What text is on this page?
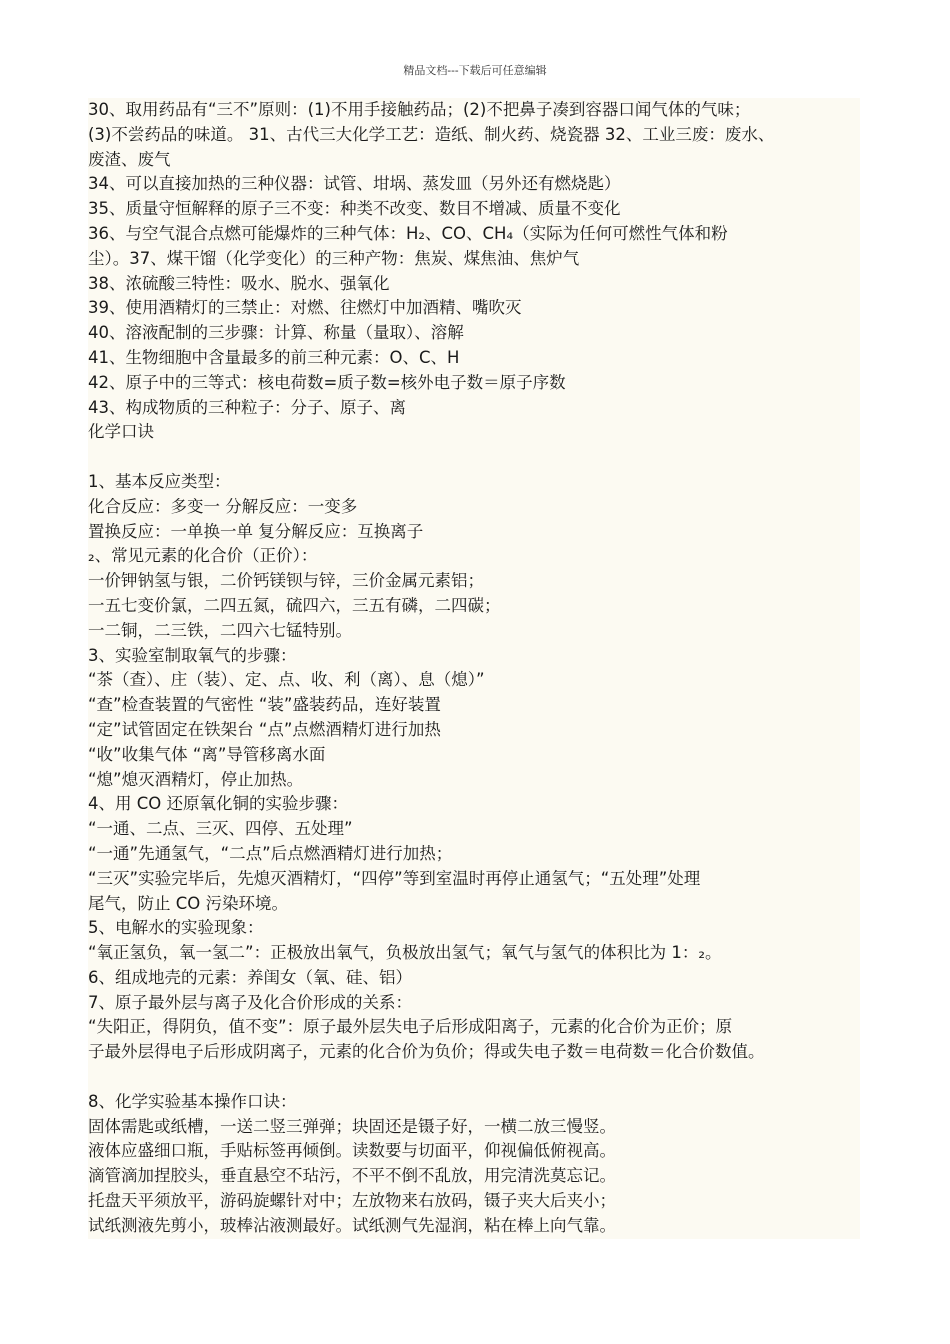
精品文档---下载后可任意编辑
30、取用药品有“三不”原则：(1)不用手接触药品；(2)不把鼻子凑到容器口闻气体的气味；
(3)不尝药品的味道。 31、古代三大化学工艺：造纸、制火药、烧瓷器 32、工业三废：废水、
废渣、废气
34、可以直接加热的三种仪器：试管、坩埚、蒸发皿（另外还有燃烧匙）
35、质量守恒解释的原子三不变：种类不改变、数目不增减、质量不变化
36、与空气混合点燃可能爆炸的三种气体：H₂、CO、CH₄（实际为任何可燃性气体和粉
尘）。37、煤干馏（化学变化）的三种产物：焦炭、煤焦油、焦炉气
38、浓硫酸三特性：吸水、脱水、强氧化
39、使用酒精灯的三禁止：对燃、往燃灯中加酒精、嘴吹灭
40、溶液配制的三步骤：计算、称量（量取）、溶解
41、生物细胞中含量最多的前三种元素：O、C、H
42、原子中的三等式：核电荷数=质子数=核外电子数＝原子序数
43、构成物质的三种粒子：分子、原子、离
化学口诀
1、基本反应类型：
化合反应：多变一 分解反应：一变多
置换反应：一单换一单 复分解反应：互换离子
₂、常见元素的化合价（正价）：
一价钾钠氢与银，二价钙镁钡与锌，三价金属元素铝；
一五七变价氯，二四五氮，硫四六，三五有磷，二四碳；
一二铜，二三铁，二四六七锰特别。
3、实验室制取氧气的步骤：
“茶（查）、庄（装）、定、点、收、利（离）、息（熄）”
“查”检查装置的气密性 “装”盛装药品，连好装置
“定”试管固定在铁架台 “点”点燃酒精灯进行加热
“收”收集气体 “离”导管移离水面
“熄”熄灭酒精灯，停止加热。
4、用 CO 还原氧化铜的实验步骤：
“一通、二点、三灭、四停、五处理”
“一通”先通氢气，“二点”后点燃酒精灯进行加热；
“三灭”实验完毕后，先熄灭酒精灯，“四停”等到室温时再停止通氢气；“五处理”处理
尾气，防止 CO 污染环境。
5、电解水的实验现象：
“氧正氢负，氧一氢二”：正极放出氧气，负极放出氢气；氧气与氢气的体积比为 1：₂。
6、组成地壳的元素：养闺女（氧、硅、铝）
7、原子最外层与离子及化合价形成的关系：
“失阳正，得阴负，值不变”：原子最外层失电子后形成阳离子，元素的化合价为正价；原
子最外层得电子后形成阴离子，元素的化合价为负价；得或失电子数＝电荷数＝化合价数值。
8、化学实验基本操作口诀：
固体需匙或纸槽，一送二竖三弹弹；块固还是镊子好，一横二放三慢竖。
液体应盛细口瓶，手贴标签再倾倒。读数要与切面平，仰视偏低俯视高。
滴管滴加捏胶头，垂直悬空不玷污，不平不倒不乱放，用完清洗莫忘记。
托盘天平须放平，游码旋螺针对中；左放物来右放码，镊子夹大后夹小；
试纸测液先剪小，玻棒沾液测最好。试纸测气先湿润，粘在棒上向气靠。
